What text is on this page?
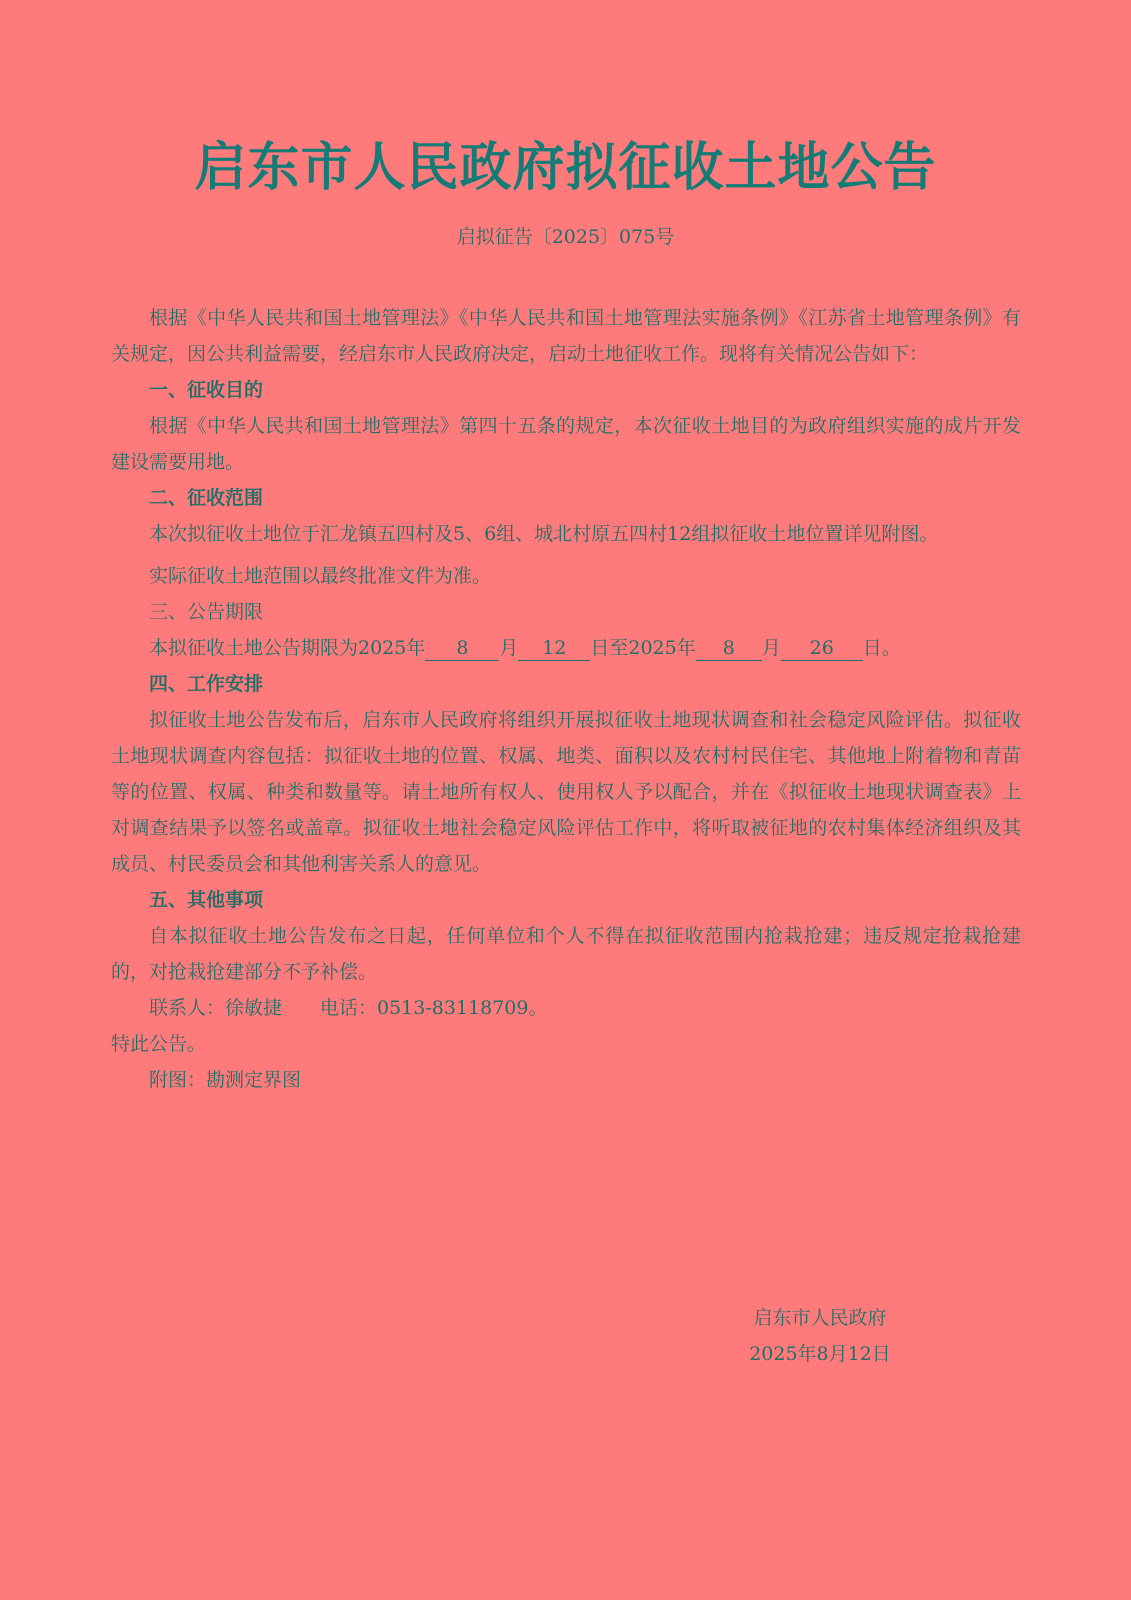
启东市人民政府拟征收土地公告
启拟征告〔2025〕075号

根据《中华人民共和国土地管理法》《中华人民共和国土地管理法实施条例》《江苏省土地管理条例》有关规定，因公共利益需要，经启东市人民政府决定，启动土地征收工作。现将有关情况公告如下：

一、征收目的

根据《中华人民共和国土地管理法》第四十五条的规定，本次征收土地目的为政府组织实施的成片开发建设需要用地。

二、征收范围

本次拟征收土地位于汇龙镇五四村及5、6组、城北村原五四村12组拟征收土地位置详见附图。

实际征收土地范围以最终批准文件为准。

三、公告期限

本拟征收土地公告期限为2025年 8 月 12 日至2025年 8 月 26 日。

四、工作安排

拟征收土地公告发布后，启东市人民政府将组织开展拟征收土地现状调查和社会稳定风险评估。拟征收土地现状调查内容包括：拟征收土地的位置、权属、地类、面积以及农村村民住宅、其他地上附着物和青苗等的位置、权属、种类和数量等。请土地所有权人、使用权人予以配合，并在《拟征收土地现状调查表》上对调查结果予以签名或盖章。拟征收土地社会稳定风险评估工作中，将听取被征地的农村集体经济组织及其成员、村民委员会和其他利害关系人的意见。

五、其他事项

自本拟征收土地公告发布之日起，任何单位和个人不得在拟征收范围内抢栽抢建；违反规定抢栽抢建的，对抢栽抢建部分不予补偿。

联系人：徐敏捷　　电话：0513-83118709。

特此公告。

附图：勘测定界图

启东市人民政府
2025年8月12日
